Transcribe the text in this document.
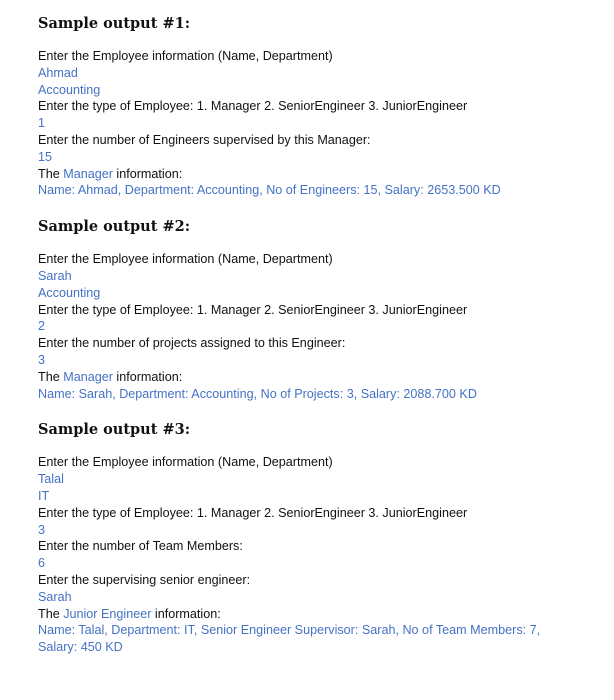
Sample output #1:
Enter the Employee information (Name, Department)
Ahmad
Accounting
Enter the type of Employee: 1. Manager 2. SeniorEngineer 3. JuniorEngineer
1
Enter the number of Engineers supervised by this Manager:
15
The Manager information:
Name: Ahmad, Department: Accounting, No of Engineers: 15, Salary: 2653.500 KD
Sample output #2:
Enter the Employee information (Name, Department)
Sarah
Accounting
Enter the type of Employee: 1. Manager 2. SeniorEngineer 3. JuniorEngineer
2
Enter the number of projects assigned to this Engineer:
3
The Manager information:
Name: Sarah, Department: Accounting, No of Projects: 3, Salary: 2088.700 KD
Sample output #3:
Enter the Employee information (Name, Department)
Talal
IT
Enter the type of Employee: 1. Manager 2. SeniorEngineer 3. JuniorEngineer
3
Enter the number of Team Members:
6
Enter the supervising senior engineer:
Sarah
The Junior Engineer information:
Name: Talal, Department: IT, Senior Engineer Supervisor: Sarah, No of Team Members: 7, Salary: 450 KD
